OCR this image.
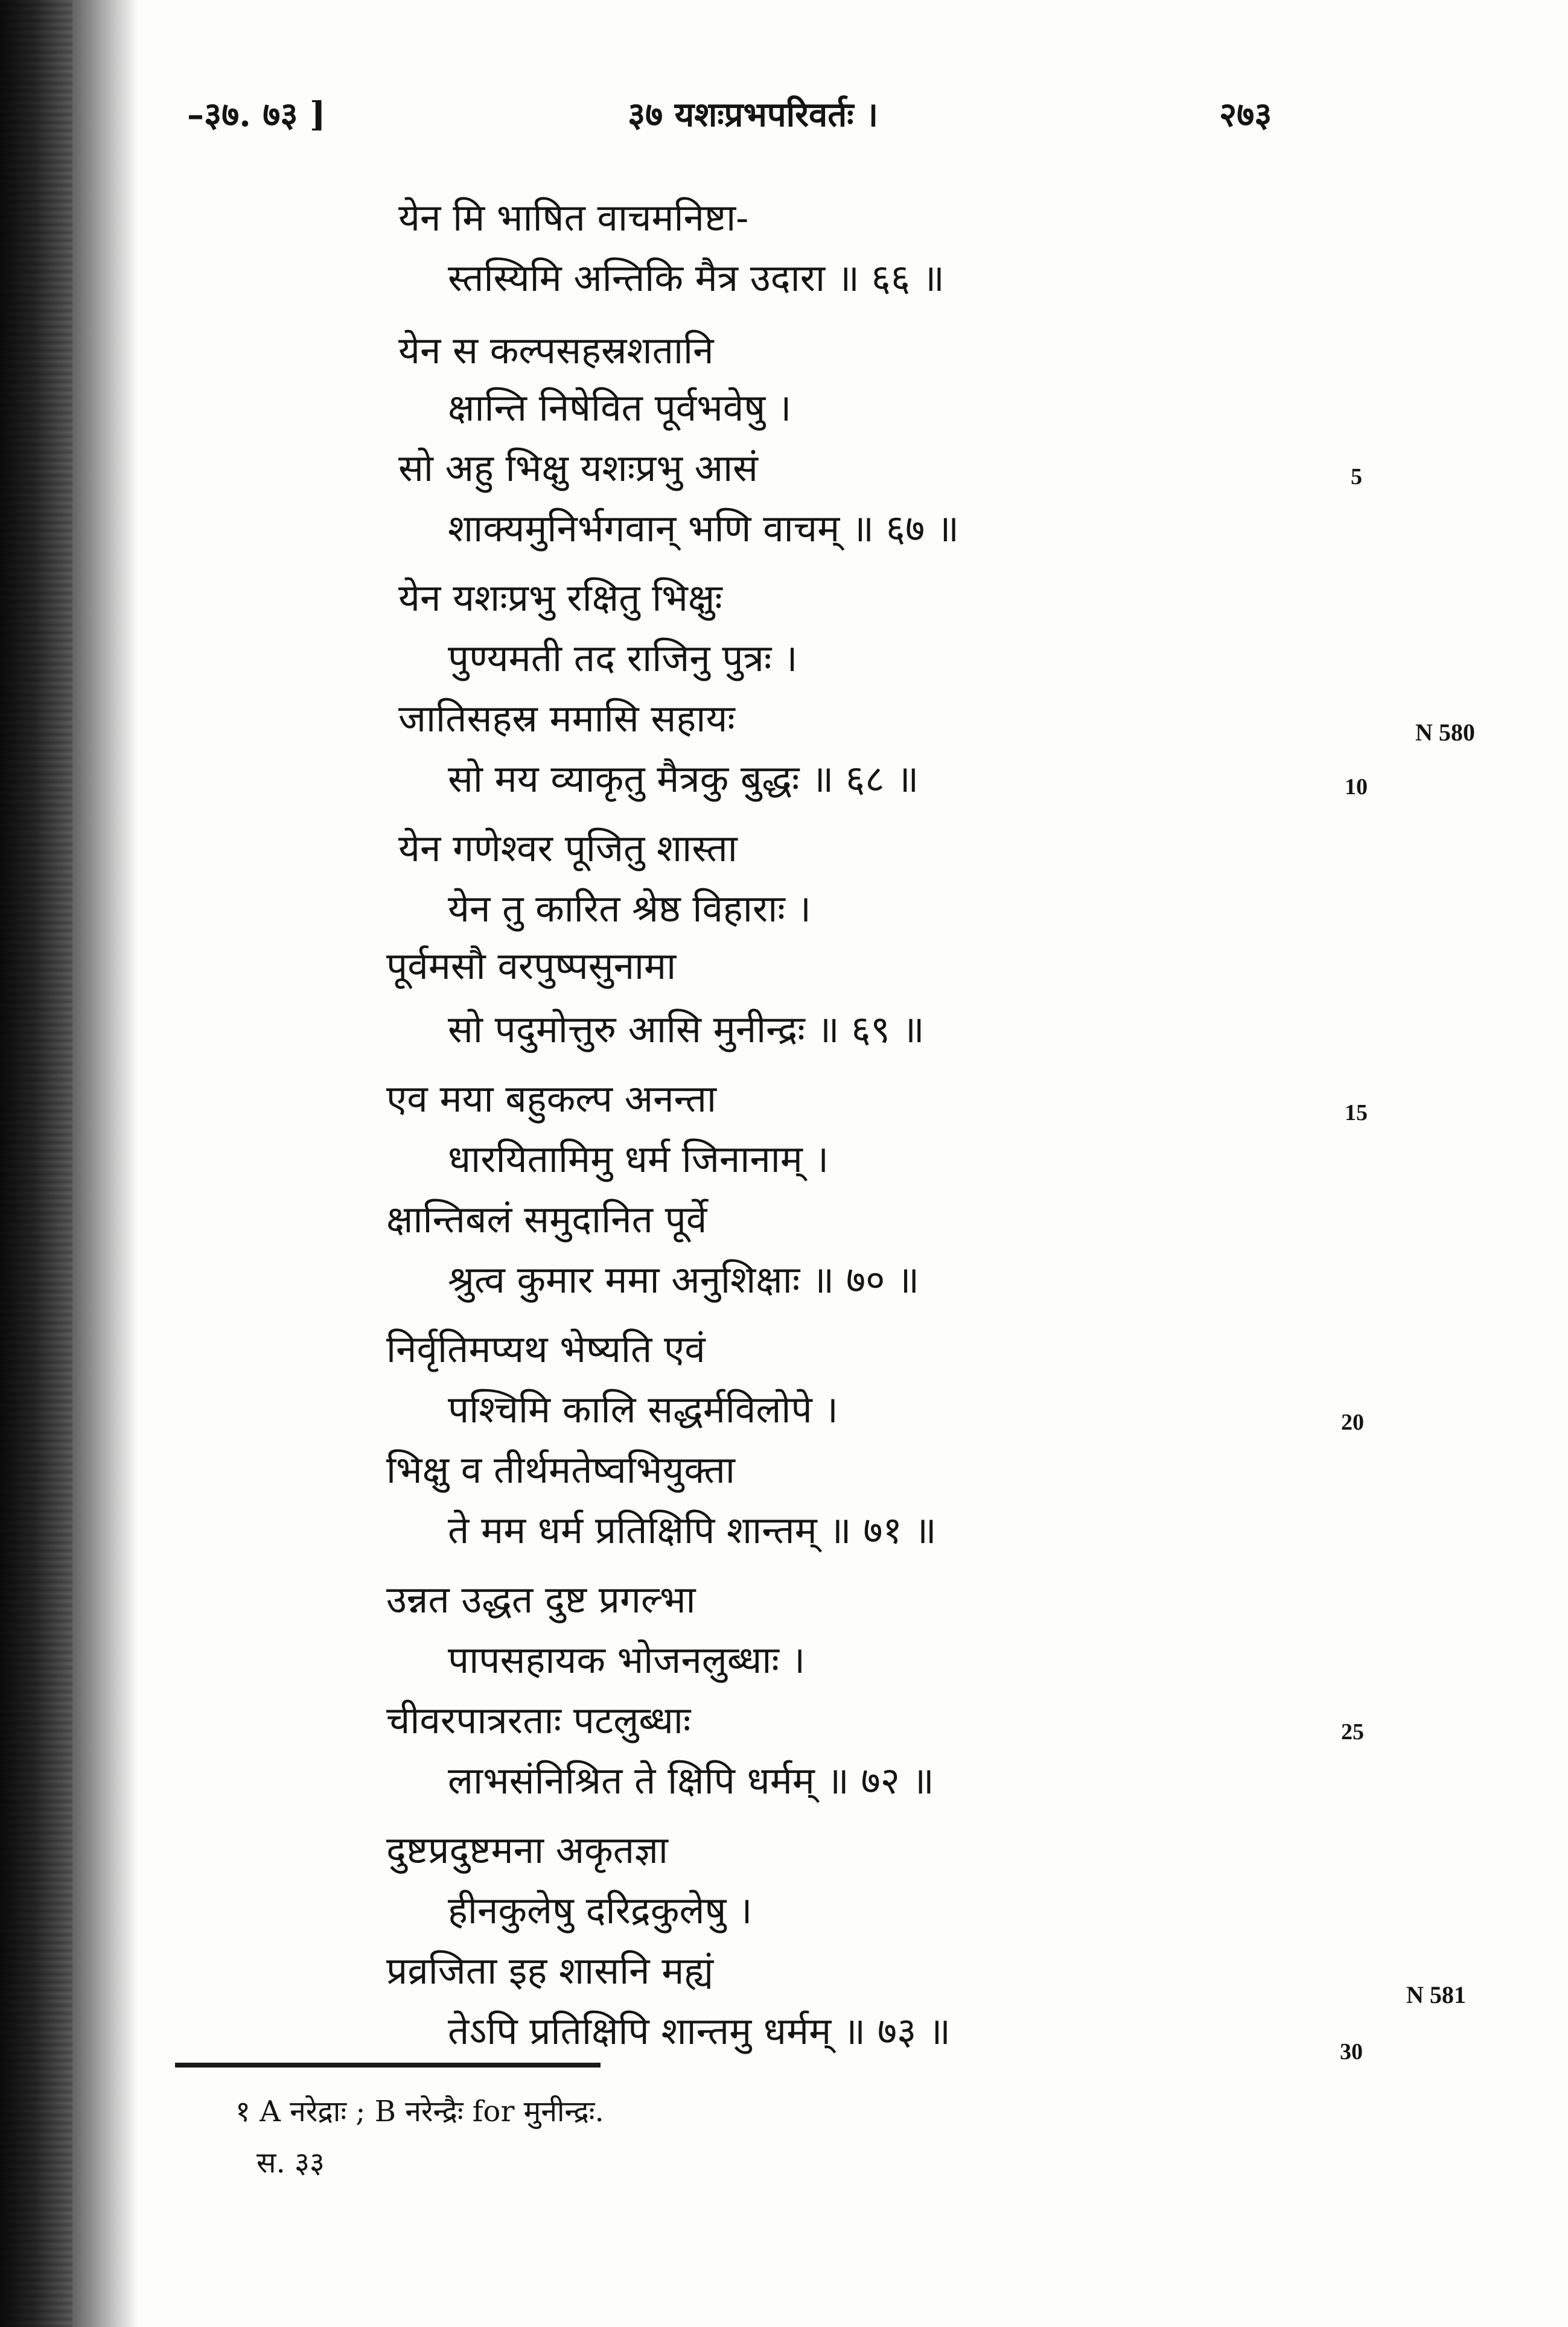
–३७. ७३ ]	३७ यशःप्रभपरिवर्तः ।	२७३
येन मि भाषित वाचमनिष्टा-
स्तस्यिमि अन्तिकि मैत्र उदारा ॥ ६६ ॥
येन स कल्पसहस्रशतानि
क्षान्ति निषेवित पूर्वभवेषु ।
सो अहु भिक्षु यशःप्रभु आसं
शाक्यमुनिर्भगवान् भणि वाचम् ॥ ६७ ॥
येन यशःप्रभु रक्षितु भिक्षुः
पुण्यमती तद राजिनु पुत्रः ।
जातिसहस्र ममासि सहायः
सो मय व्याकृतु मैत्रकु बुद्धः ॥ ६८ ॥
येन गणेश्वर पूजितु शास्ता
येन तु कारित श्रेष्ठ विहाराः ।
पूर्वमसौ वरपुष्पसुनामा
सो पदुमोत्तुरु आसि मुनीन्द्रः ॥ ६९ ॥
एव मया बहुकल्प अनन्ता
धारयितामिमु धर्म जिनानाम् ।
क्षान्तिबलं समुदानित पूर्वे
श्रुत्व कुमार ममा अनुशिक्षाः ॥ ७० ॥
निर्वृतिमप्यथ भेष्यति एवं
पश्चिमि कालि सद्धर्मविलोपे ।
भिक्षु व तीर्थमतेष्वभियुक्ता
ते मम धर्म प्रतिक्षिपि शान्तम् ॥ ७१ ॥
उन्नत उद्धत दुष्ट प्रगल्भा
पापसहायक भोजनलुब्धाः ।
चीवरपात्ररताः पटलुब्धाः
लाभसंनिश्रित ते क्षिपि धर्मम् ॥ ७२ ॥
दुष्टप्रदुष्टमना अकृतज्ञा
हीनकुलेषु दरिद्रकुलेषु ।
प्रव्रजिता इह शासनि मह्यं
तेऽपि प्रतिक्षिपि शान्तमु धर्मम् ॥ ७३ ॥
5
10
15
20
25
30
N 580
N 581
१ A नरेद्राः ; B नरेन्द्रैः for मुनीन्द्रः.
स. ३३
